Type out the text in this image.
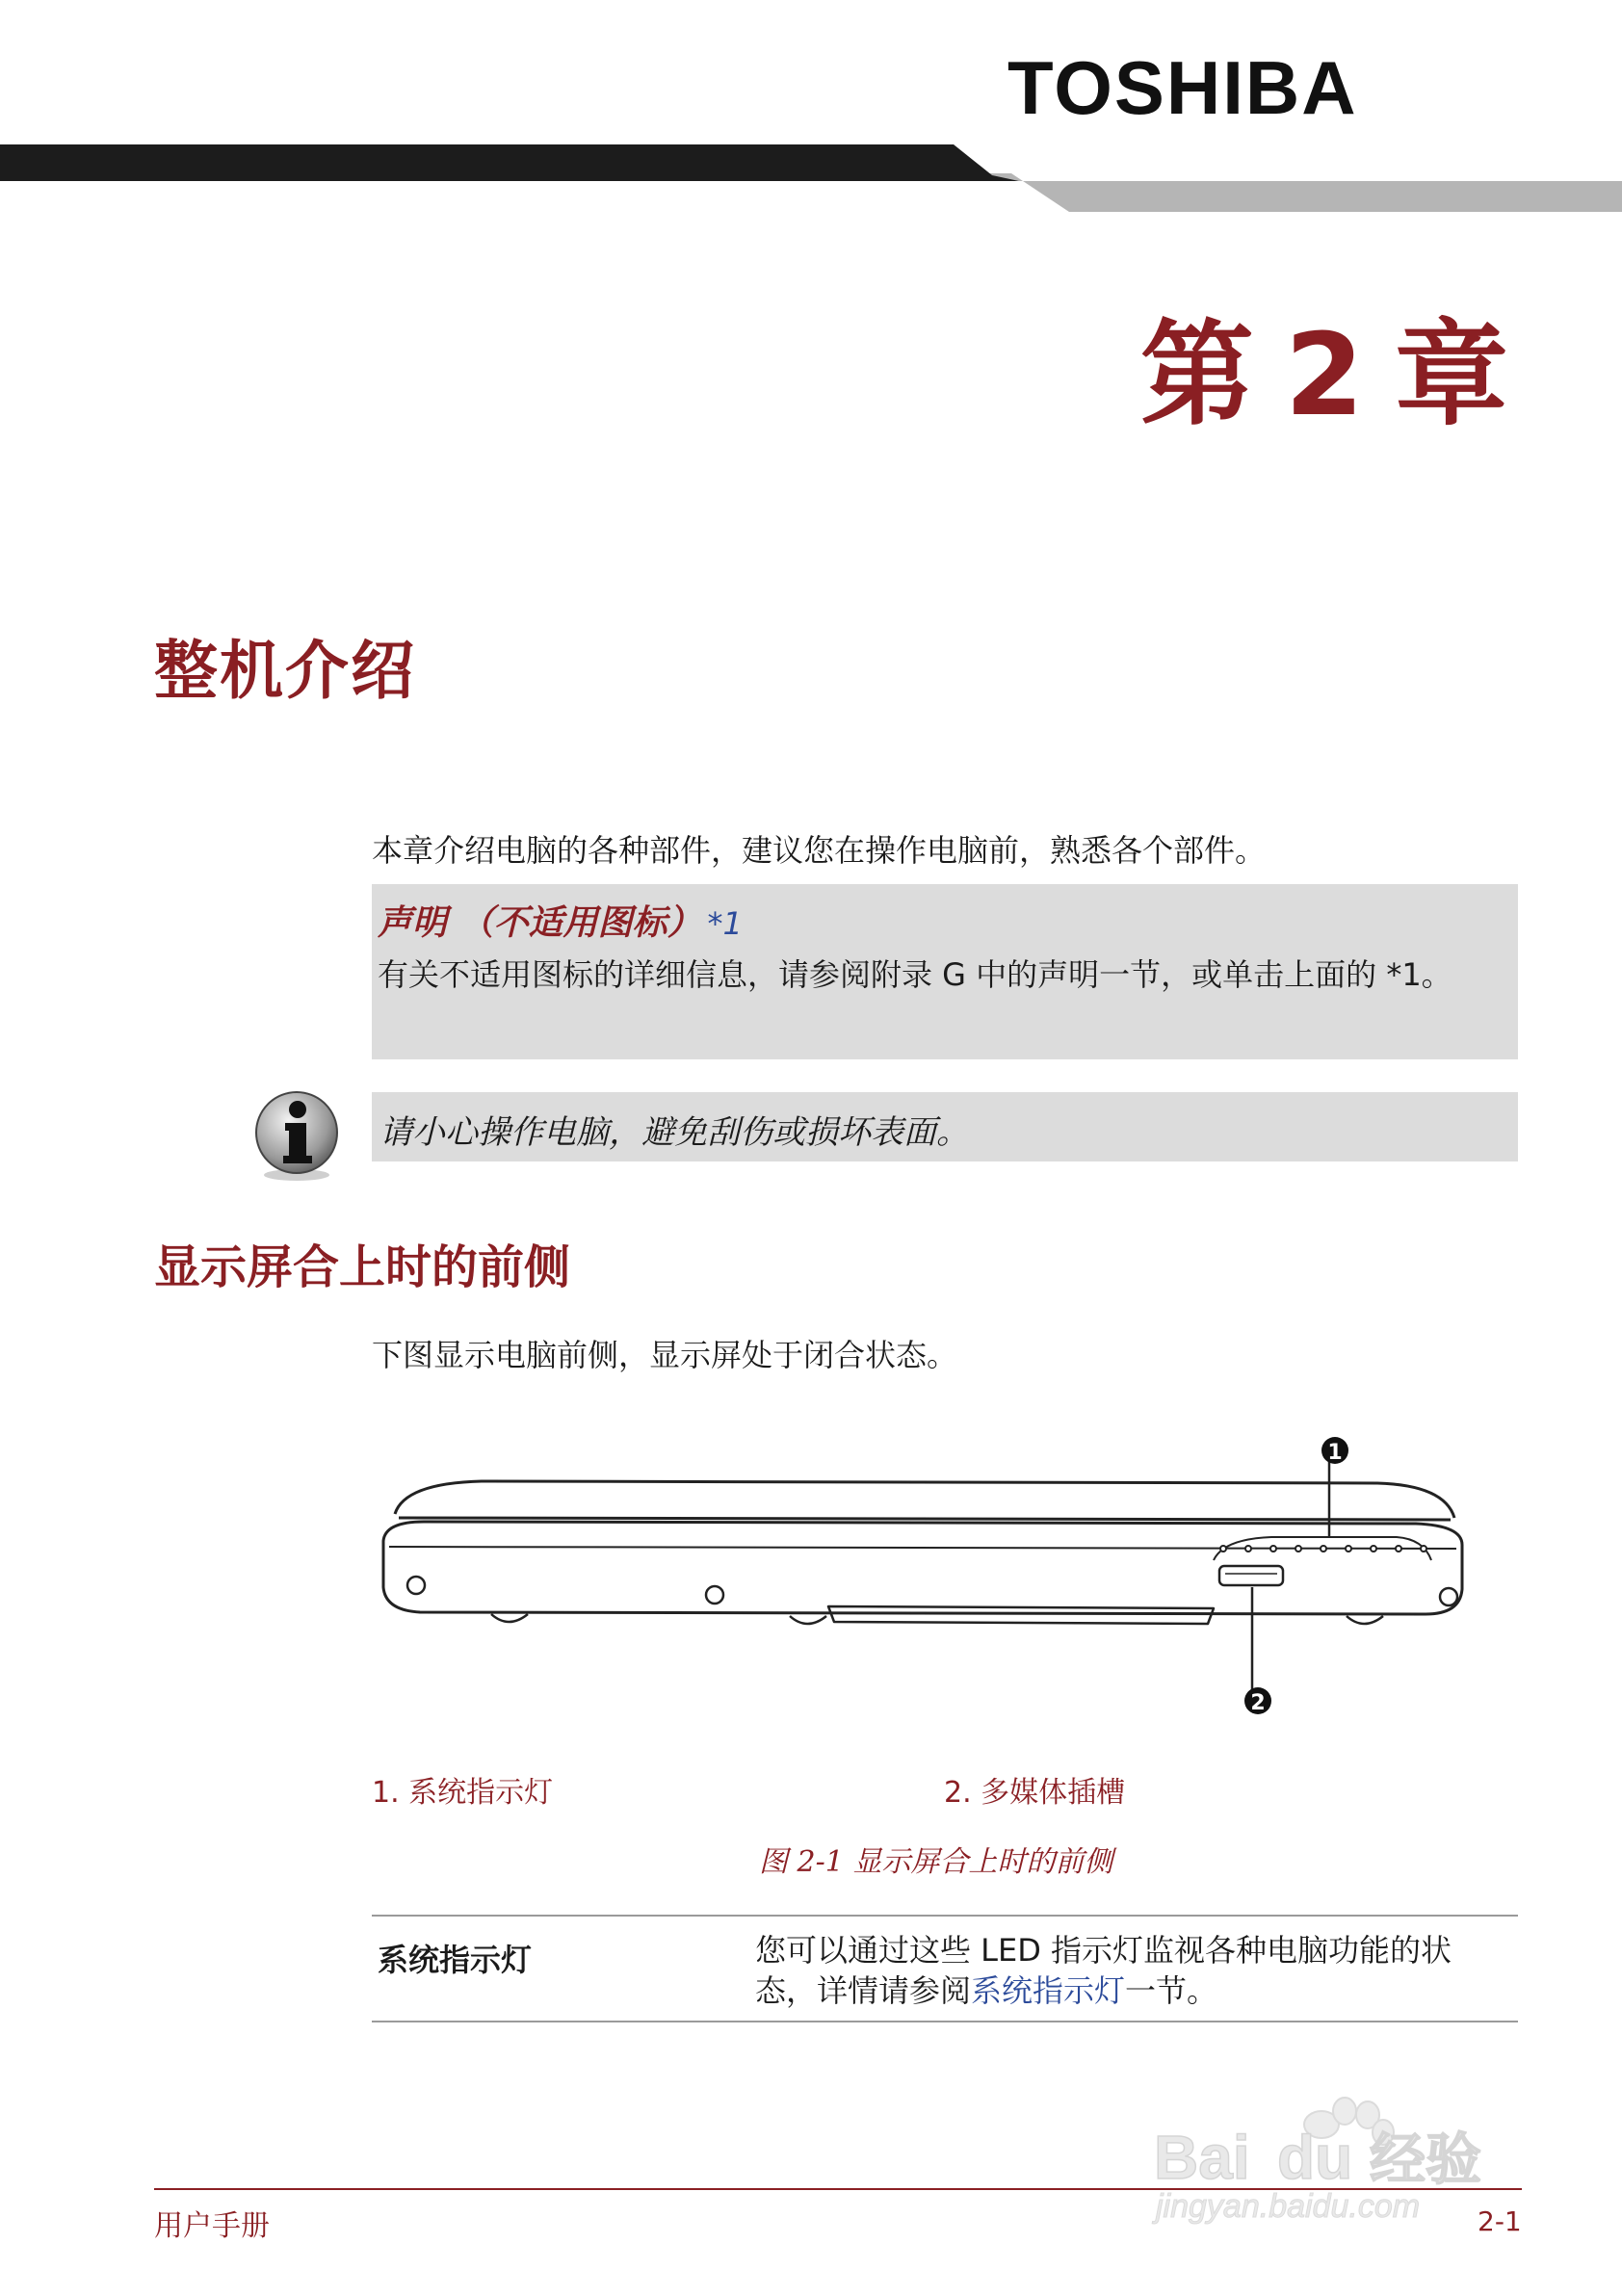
TOSHIBA
第 2 章
整机介绍
本章介绍电脑的各种部件，建议您在操作电脑前，熟悉各个部件。
声明 （不适用图标） *1
有关不适用图标的详细信息，请参阅附录 G 中的声明一节，或单击上面的 *1。
请小心操作电脑，避免刮伤或损坏表面。
显示屏合上时的前侧
下图显示电脑前侧，显示屏处于闭合状态。
1
2
1. 系统指示灯	2. 多媒体插槽
图 2-1 显示屏合上时的前侧
系统指示灯	您可以通过这些 LED 指示灯监视各种电脑功能的状态，详情请参阅系统指示灯一节。
用户手册	2-1
Bai du 经验
jingyan.baidu.com
